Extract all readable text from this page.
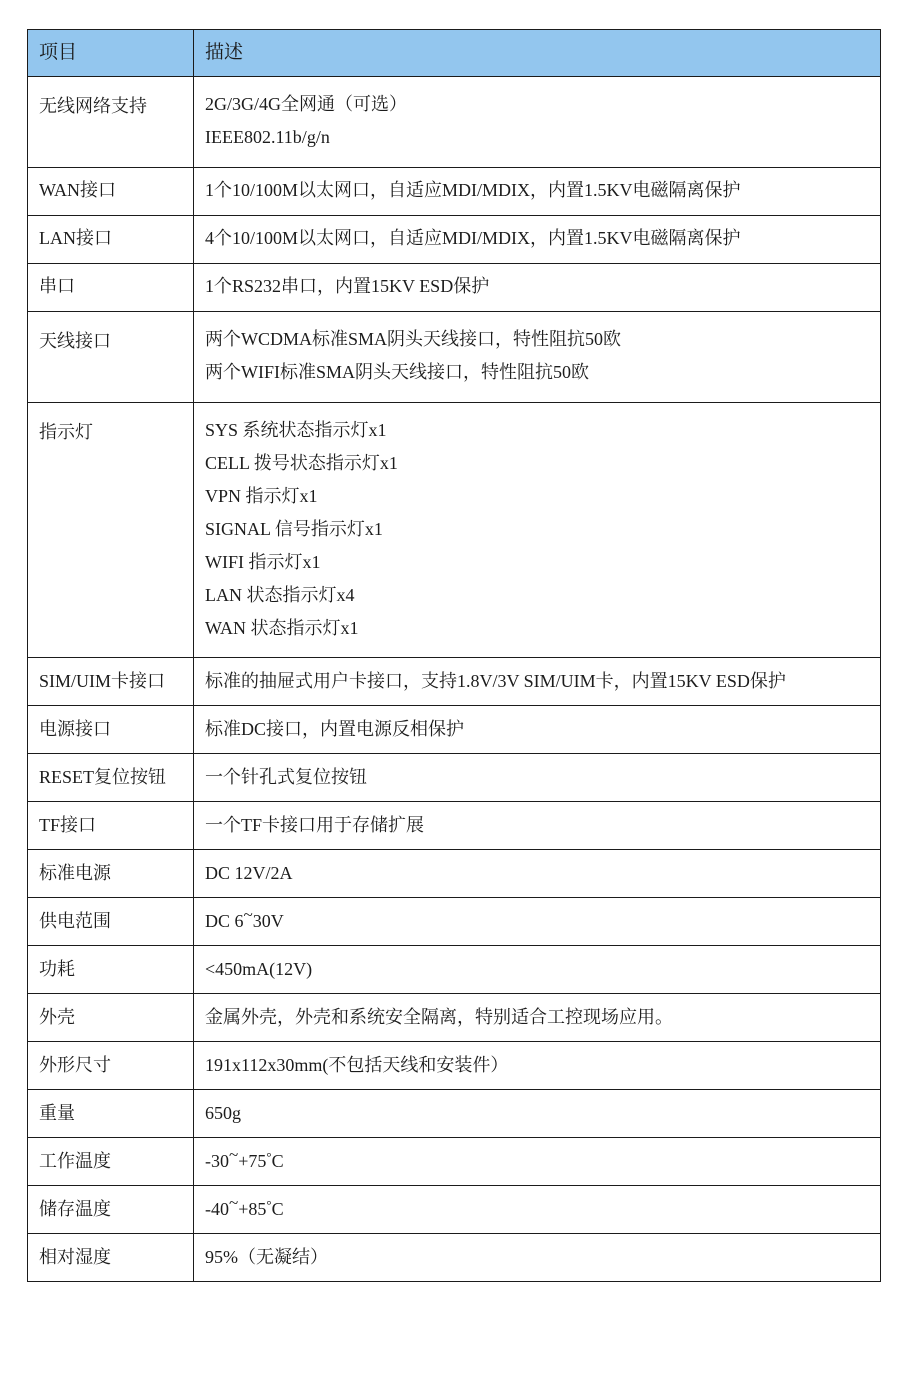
项目	描述
无线网络支持	2G/3G/4G全网通（可选）
IEEE802.11b/g/n

WAN接口	1个10/100M以太网口，自适应MDI/MDIX，内置1.5KV电磁隔离保护
LAN接口	4个10/100M以太网口，自适应MDI/MDIX，内置1.5KV电磁隔离保护
串口	1个RS232串口，内置15KV ESD保护
天线接口	两个WCDMA标准SMA阴头天线接口，特性阻抗50欧
两个WIFI标准SMA阴头天线接口，特性阻抗50欧

指示灯	SYS 系统状态指示灯x1
CELL 拨号状态指示灯x1
VPN 指示灯x1
SIGNAL 信号指示灯x1
WIFI 指示灯x1
LAN 状态指示灯x4
WAN 状态指示灯x1

SIM/UIM卡接口	标准的抽屉式用户卡接口，支持1.8V/3V SIM/UIM卡，内置15KV ESD保护
电源接口	标准DC接口，内置电源反相保护
RESET复位按钮	一个针孔式复位按钮
TF接口	一个TF卡接口用于存储扩展
标准电源	DC 12V/2A
供电范围	DC 6~30V
功耗	<450mA(12V)
外壳	金属外壳，外壳和系统安全隔离，特别适合工控现场应用。
外形尺寸	191x112x30mm(不包括天线和安装件）
重量	650g
工作温度	-30~+75°C
储存温度	-40~+85°C
相对湿度	95%（无凝结）
